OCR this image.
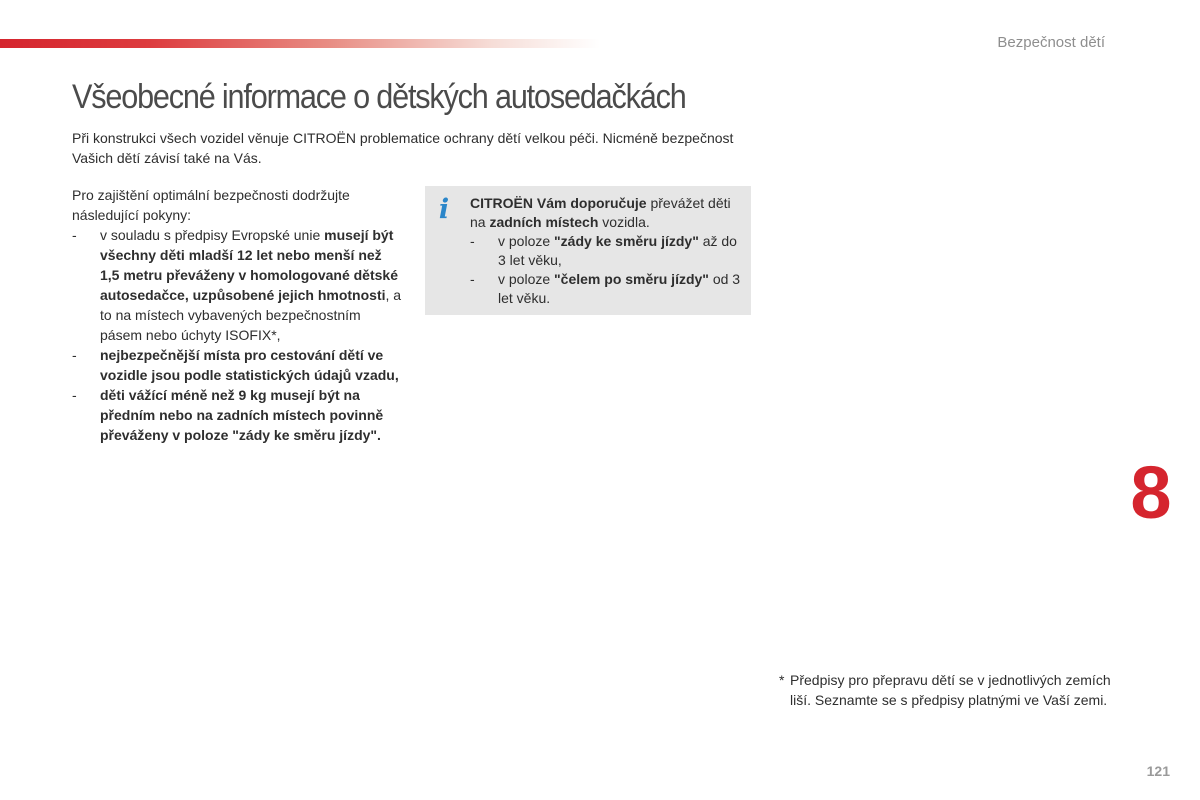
Bezpečnost dětí
Všeobecné informace o dětských autosedačkách

Při konstrukci všech vozidel věnuje CITROËN problematice ochrany dětí velkou péči. Nicméně bezpečnost Vašich dětí závisí také na Vás.

Pro zajištění optimální bezpečnosti dodržujte následující pokyny:

- v souladu s předpisy Evropské unie musejí být všechny děti mladší 12 let nebo menší než 1,5 metru převáženy v homologované dětské autosedačce, uzpůsobené jejich hmotnosti, a to na místech vybavených bezpečnostním pásem nebo úchyty ISOFIX*,
- nejbezpečnější místa pro cestování dětí ve vozidle jsou podle statistických údajů vzadu,
- děti vážící méně než 9 kg musejí být na předním nebo na zadních místech povinně převáženy v poloze "zády ke směru jízdy".
i CITROËN Vám doporučuje převážet děti na zadních místech vozidla.

- v poloze "zády ke směru jízdy" až do 3 let věku,
- v poloze "čelem po směru jízdy" od 3 let věku.
8
* Předpisy pro přepravu dětí se v jednotlivých zemích liší. Seznamte se s předpisy platnými ve Vaší zemi.
121
